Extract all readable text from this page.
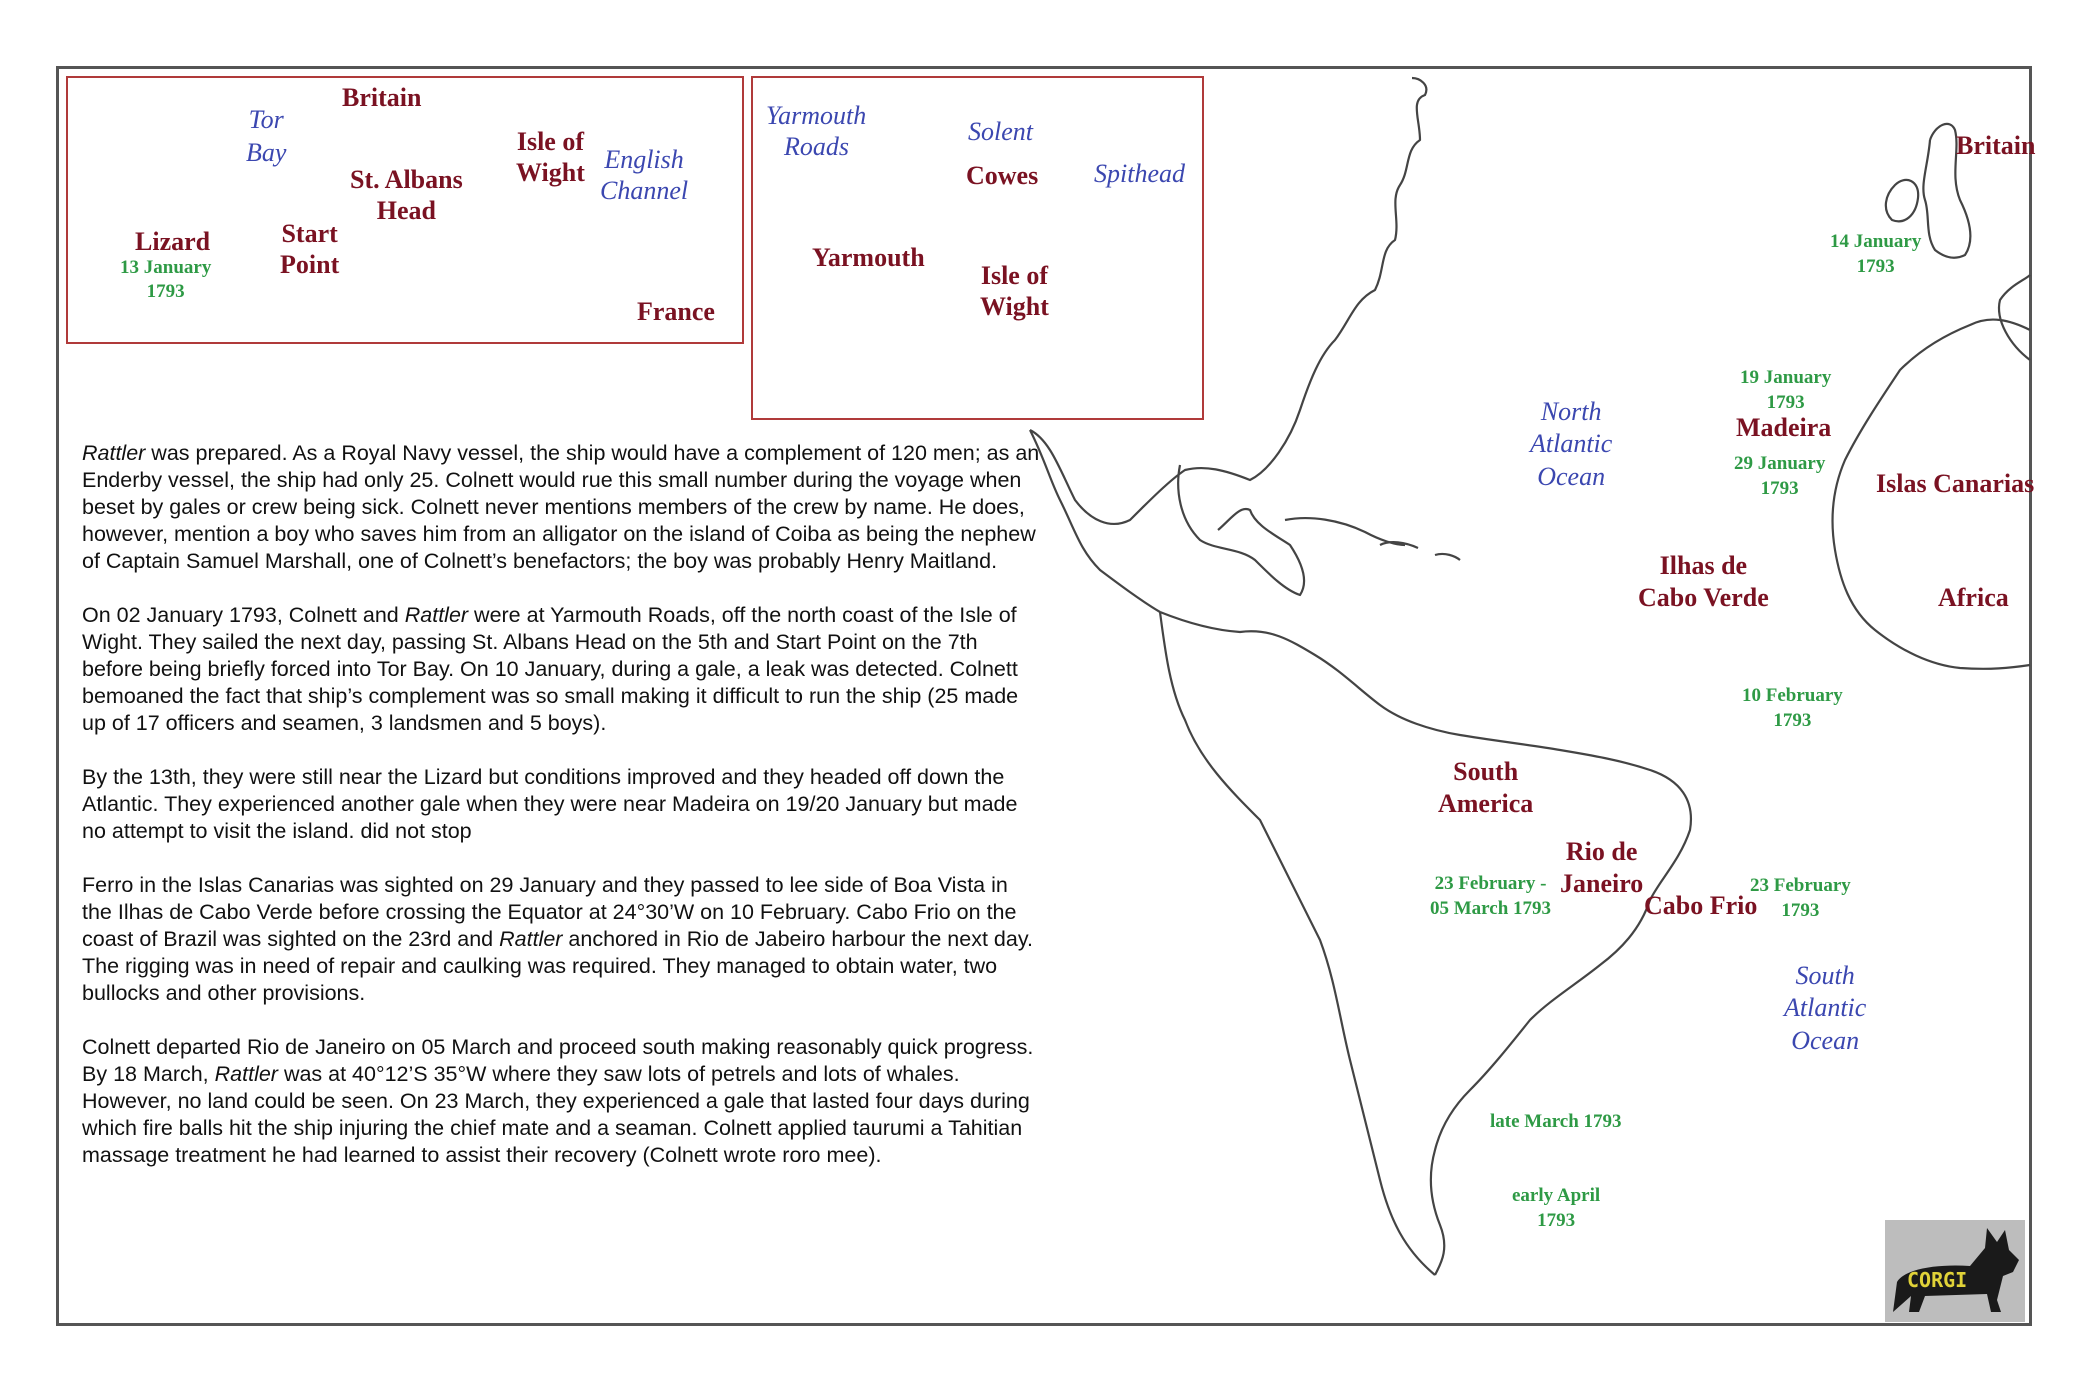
Britain
Tor
Bay
St. Albans
Head
Isle of
Wight English
Channel
Lizard
13 January
1793
Start
Point
France
Yarmouth
Roads
Solent
Cowes Spithead
Yarmouth
Isle of
Wight
Britain
14 January
1793
19 January
1793
Madeira
29 January
1793	Islas Canarias
North
Atlantic
Ocean
Ilhas de
Cabo Verde	Africa
10 February
1793
South
America
Rio de
Janeiro
23 February -
05 March 1793	Cabo Frio
23 February
1793
South
Atlantic
Ocean
late March 1793
early April
1793

Rattler was prepared. As a Royal Navy vessel, the ship would have a complement of 120 men; as an Enderby vessel, the ship had only 25. Colnett would rue this small number during the voyage when beset by gales or crew being sick. Colnett never mentions members of the crew by name. He does, however, mention a boy who saves him from an alligator on the island of Coiba as being the nephew of Captain Samuel Marshall, one of Colnett’s benefactors; the boy was probably Henry Maitland.

On 02 January 1793, Colnett and Rattler were at Yarmouth Roads, off the north coast of the Isle of Wight. They sailed the next day, passing St. Albans Head on the 5th and Start Point on the 7th before being briefly forced into Tor Bay. On 10 January, during a gale, a leak was detected. Colnett bemoaned the fact that ship’s complement was so small making it difficult to run the ship (25 made up of 17 officers and seamen, 3 landsmen and 5 boys).

By the 13th, they were still near the Lizard but conditions improved and they headed off down the Atlantic. They experienced another gale when they were near Madeira on 19/20 January but made no attempt to visit the island. did not stop

Ferro in the Islas Canarias was sighted on 29 January and they passed to lee side of Boa Vista in the Ilhas de Cabo Verde before crossing the Equator at 24°30’W on 10 February. Cabo Frio on the coast of Brazil was sighted on the 23rd and Rattler anchored in Rio de Jabeiro harbour the next day. The rigging was in need of repair and caulking was required. They managed to obtain water, two bullocks and other provisions.

Colnett departed Rio de Janeiro on 05 March and proceed south making reasonably quick progress. By 18 March, Rattler was at 40°12’S 35°W where they saw lots of petrels and lots of whales. However, no land could be seen. On 23 March, they experienced a gale that lasted four days during which fire balls hit the ship injuring the chief mate and a seaman. Colnett applied taurumi a Tahitian massage treatment he had learned to assist their recovery (Colnett wrote roro mee).

CORGI
